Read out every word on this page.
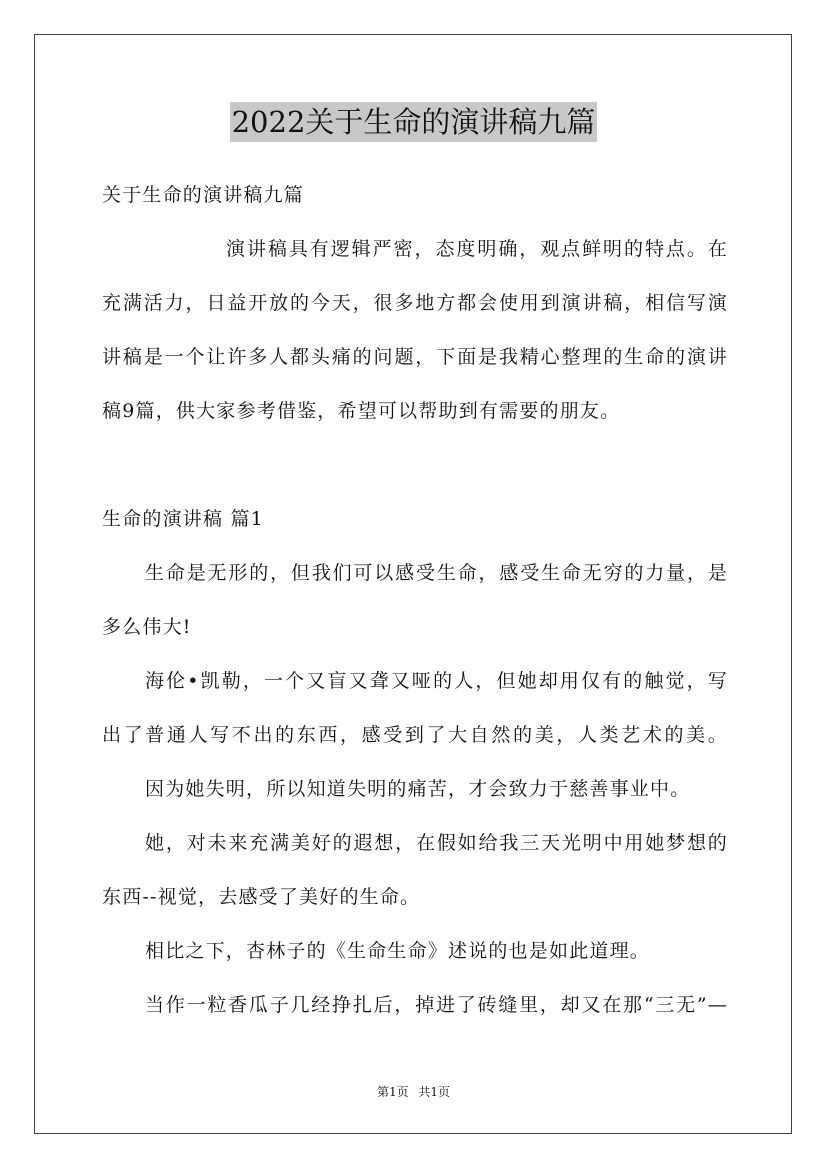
2022关于生命的演讲稿九篇
关于生命的演讲稿九篇
演讲稿具有逻辑严密，态度明确，观点鲜明的特点。在
充满活力，日益开放的今天，很多地方都会使用到演讲稿，相信写演
讲稿是一个让许多人都头痛的问题，下面是我精心整理的生命的演讲
稿9篇，供大家参考借鉴，希望可以帮助到有需要的朋友。
生命的演讲稿 篇1
生命是无形的，但我们可以感受生命，感受生命无穷的力量，是
多么伟大!
海伦•凯勒，一个又盲又聋又哑的人，但她却用仅有的触觉，写
出了普通人写不出的东西，感受到了大自然的美，人类艺术的美。
因为她失明，所以知道失明的痛苦，才会致力于慈善事业中。
她，对未来充满美好的遐想，在假如给我三天光明中用她梦想的
东西--视觉，去感受了美好的生命。
相比之下，杏林子的《生命生命》述说的也是如此道理。
当作一粒香瓜子几经挣扎后，掉进了砖缝里，却又在那“三无”—
第1页 共1页
